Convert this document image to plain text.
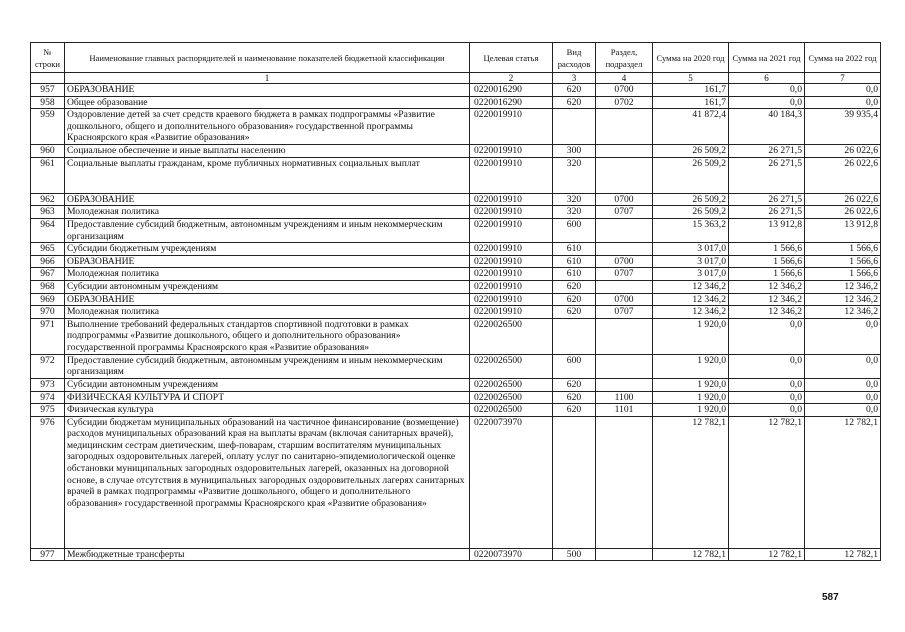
№ строки	Наименование главных распорядителей и наименование показателей бюджетной классификации	Целевая статья	Вид расходов	Раздел, подраздел	Сумма на 2020 год	Сумма на 2021 год	Сумма на 2022 год
	1	2	3	4	5	6	7
957	ОБРАЗОВАНИЕ	0220016290	620	0700	161,7	0,0	0,0
958	Общее образование	0220016290	620	0702	161,7	0,0	0,0
959	Оздоровление детей за счет средств краевого бюджета в рамках подпрограммы «Развитие дошкольного, общего и дополнительного образования» государственной программы Красноярского края «Развитие образования»	0220019910			41 872,4	40 184,3	39 935,4
960	Социальное обеспечение и иные выплаты населению	0220019910	300		26 509,2	26 271,5	26 022,6
961	Социальные выплаты гражданам, кроме публичных нормативных социальных выплат	0220019910	320		26 509,2	26 271,5	26 022,6
962	ОБРАЗОВАНИЕ	0220019910	320	0700	26 509,2	26 271,5	26 022,6
963	Молодежная политика	0220019910	320	0707	26 509,2	26 271,5	26 022,6
964	Предоставление субсидий бюджетным, автономным учреждениям и иным некоммерческим организациям	0220019910	600		15 363,2	13 912,8	13 912,8
965	Субсидии бюджетным учреждениям	0220019910	610		3 017,0	1 566,6	1 566,6
966	ОБРАЗОВАНИЕ	0220019910	610	0700	3 017,0	1 566,6	1 566,6
967	Молодежная политика	0220019910	610	0707	3 017,0	1 566,6	1 566,6
968	Субсидии автономным учреждениям	0220019910	620		12 346,2	12 346,2	12 346,2
969	ОБРАЗОВАНИЕ	0220019910	620	0700	12 346,2	12 346,2	12 346,2
970	Молодежная политика	0220019910	620	0707	12 346,2	12 346,2	12 346,2
971	Выполнение требований федеральных стандартов спортивной подготовки в рамках подпрограммы «Развитие дошкольного, общего и дополнительного образования» государственной программы Красноярского края «Развитие образования»	0220026500			1 920,0	0,0	0,0
972	Предоставление субсидий бюджетным, автономным учреждениям и иным некоммерческим организациям	0220026500	600		1 920,0	0,0	0,0
973	Субсидии автономным учреждениям	0220026500	620		1 920,0	0,0	0,0
974	ФИЗИЧЕСКАЯ КУЛЬТУРА И СПОРТ	0220026500	620	1100	1 920,0	0,0	0,0
975	Физическая культура	0220026500	620	1101	1 920,0	0,0	0,0
976	Субсидии бюджетам муниципальных образований на частичное финансирование (возмещение) расходов муниципальных образований края на выплаты врачам (включая санитарных врачей), медицинским сестрам диетическим, шеф-поварам, старшим воспитателям муниципальных загородных оздоровительных лагерей, оплату услуг по санитарно-эпидемиологической оценке обстановки муниципальных загородных оздоровительных лагерей, оказанных на договорной основе, в случае отсутствия в муниципальных загородных оздоровительных лагерях санитарных врачей в рамках подпрограммы «Развитие дошкольного, общего и дополнительного образования» государственной программы Красноярского края «Развитие образования»	0220073970			12 782,1	12 782,1	12 782,1
977	Межбюджетные трансферты	0220073970	500		12 782,1	12 782,1	12 782,1
587
